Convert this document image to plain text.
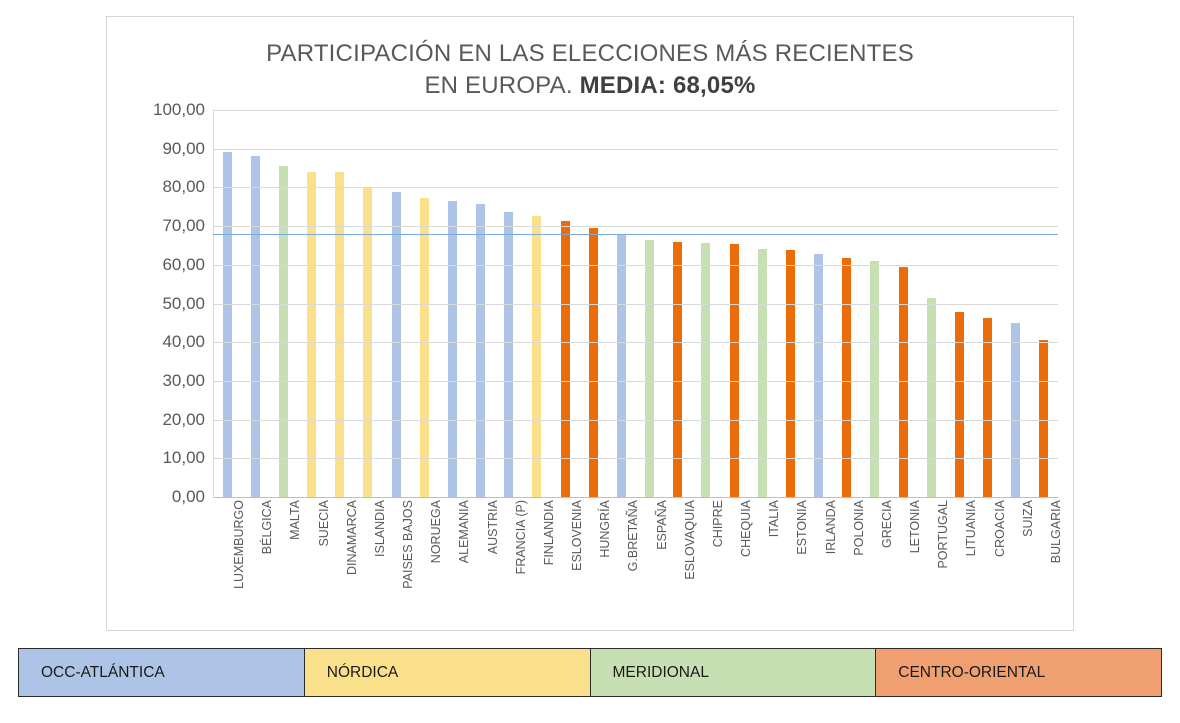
PARTICIPACIÓN EN LAS ELECCIONES MÁS RECIENTES
EN EUROPA. MEDIA: 68,05%
100,00
90,00
80,00
70,00
60,00
50,00
40,00
30,00
20,00
10,00
0,00
LUXEMBURGO BÉLGICA MALTA SUECIA DINAMARCA ISLANDIA PAISES BAJOS NORUEGA ALEMANIA AUSTRIA FRANCIA (P) FINLANDIA ESLOVENIA HUNGRÍA G.BRETAÑA ESPAÑA ESLOVAQUIA CHIPRE CHEQUIA ITALIA ESTONIA IRLANDA POLONIA GRECIA LETONIA PORTUGAL LITUANIA CROACIA SUIZA BULGARIA
OCC-ATLÁNTICA	NÓRDICA	MERIDIONAL	CENTRO-ORIENTAL
